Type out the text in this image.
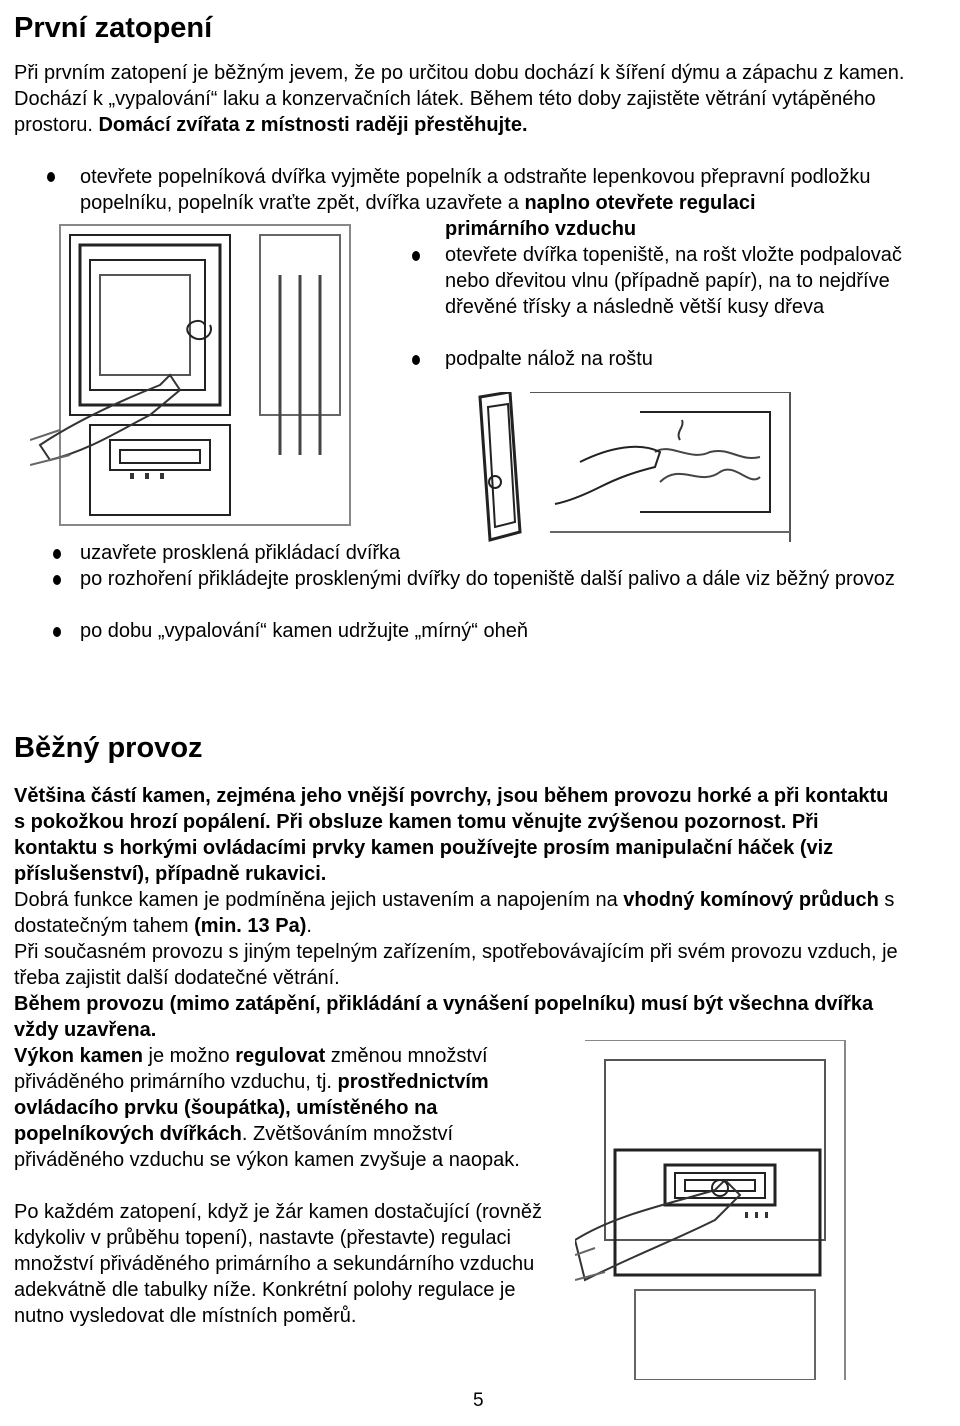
První zatopení
Při prvním zatopení je běžným jevem, že po určitou dobu dochází k šíření dýmu a zápachu z kamen. Dochází k „vypalování“ laku a konzervačních látek. Během této doby zajistěte větrání vytápěného prostoru. Domácí zvířata z místnosti raději přestěhujte.
otevřete popelníková dvířka vyjměte popelník a odstraňte lepenkovou přepravní podložku popelníku, popelník vraťte zpět, dvířka uzavřete a naplno otevřete regulaci
primárního vzduchu
otevřete dvířka topeniště, na rošt vložte podpalovač nebo dřevitou vlnu (případně papír), na to nejdříve dřevěné třísky a následně větší kusy dřeva
podpalte nálož na roštu
uzavřete prosklená přikládací dvířka
po rozhoření přikládejte prosklenými dvířky do topeniště další palivo a dále viz běžný provoz
po dobu „vypalování“ kamen udržujte „mírný“ oheň
Běžný provoz
Většina částí kamen, zejména jeho vnější povrchy, jsou během provozu horké a při kontaktu s pokožkou hrozí popálení. Při obsluze kamen tomu věnujte zvýšenou pozornost. Při kontaktu s horkými ovládacími prvky kamen používejte prosím manipulační háček (viz příslušenství), případně rukavici.
Dobrá funkce kamen je podmíněna jejich ustavením a napojením na vhodný komínový průduch s dostatečným tahem (min. 13 Pa).
Při současném provozu s jiným tepelným zařízením, spotřebovávajícím při svém provozu vzduch, je třeba zajistit další dodatečné větrání.
Během provozu (mimo zatápění, přikládání a vynášení popelníku) musí být všechna dvířka vždy uzavřena.
Výkon kamen je možno regulovat změnou množství přiváděného primárního vzduchu, tj. prostřednictvím ovládacího prvku (šoupátka), umístěného na popelníkových dvířkách. Zvětšováním množství přiváděného vzduchu se výkon kamen zvyšuje a naopak.
Po každém zatopení, když je žár kamen dostačující (rovněž kdykoliv v průběhu topení), nastavte (přestavte) regulaci množství přiváděného primárního a sekundárního vzduchu adekvátně dle tabulky níže. Konkrétní polohy regulace je nutno vysledovat dle místních poměrů.
5
